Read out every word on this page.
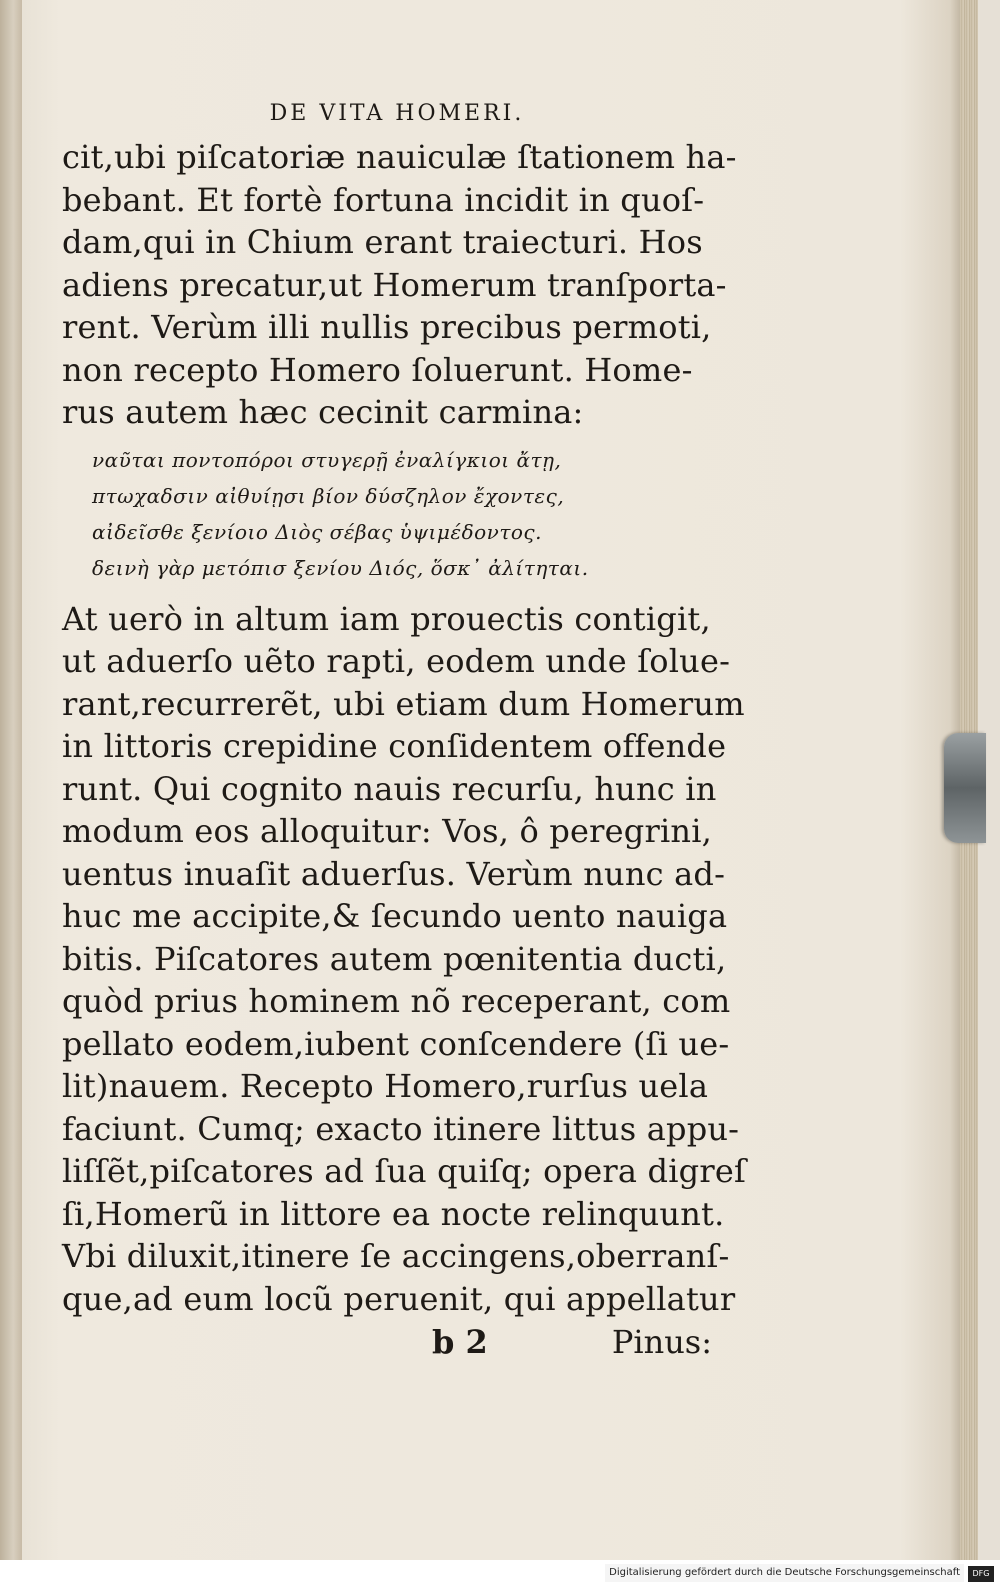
DE VITA HOMERI.
cit,ubi piſcatoriæ nauiculæ ſtationem ha-
bebant. Et fortè fortuna incidit in quoſ-
dam,qui in Chium erant traiecturi. Hos
adiens precatur,ut Homerum tranſporta-
rent. Verùm illi nullis precibus permoti,
non recepto Homero ſoluerunt. Home-
rus autem hæc cecinit carmina:
ναῦται ποντοπόροι στυγερῇ ἐναλίγκιοι ἄτῃ,
πτωχαδσιν αἰθυίῃσι βίον δύσζηλον ἔχοντες,
αἰδεῖσθε ξενίοιο Διὸς σέβας ὑψιμέδοντος.
δεινὴ γὰρ μετόπισ ξενίου Διός, ὅσκ᾽ ἀλίτηται.
At uerò in altum iam prouectis contigit,
ut aduerſo uẽto rapti, eodem unde ſolue-
rant,recurrerẽt, ubi etiam dum Homerum
in littoris crepidine conſidentem offende
runt. Qui cognito nauis recurſu, hunc in
modum eos alloquitur: Vos, ô peregrini,
uentus inuaſit aduerſus. Verùm nunc ad-
huc me accipite,& ſecundo uento nauiga
bitis. Piſcatores autem pœnitentia ducti,
quòd prius hominem nõ receperant, com
pellato eodem,iubent conſcendere (ſi ue-
lit)nauem. Recepto Homero,rurſus uela
faciunt. Cumq; exacto itinere littus appu-
liſſẽt,piſcatores ad ſua quiſq; opera digreſ
ſi,Homerũ in littore ea nocte relinquunt.
Vbi diluxit,itinere ſe accingens,oberranſ-
que,ad eum locũ peruenit, qui appellatur
b 2	Pinus:
Digitalisierung gefördert durch die Deutsche Forschungsgemeinschaft	DFG
